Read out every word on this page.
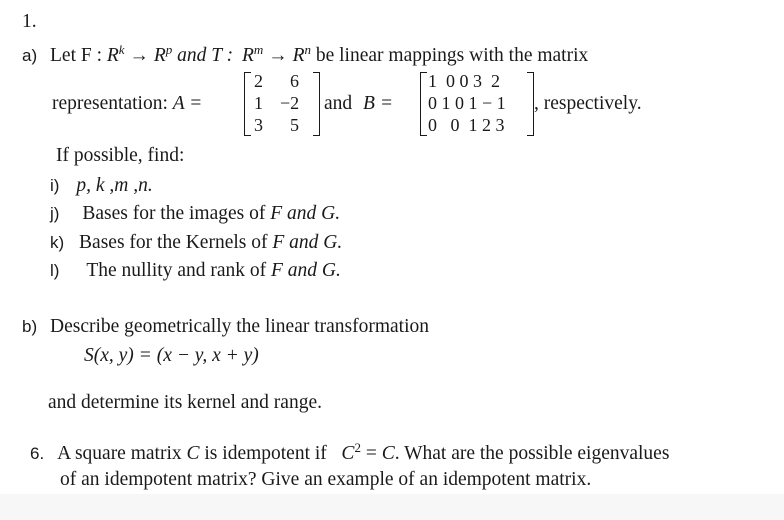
1.
a) Let F : $R^k \to R^p$ and T : $R^m \to R^n$ be linear mappings with the matrix
representation: A =
2 6
1 −2
3 5
and B =
1  0 0 3  2
0 1 0 1 − 1
0   0  1 2 3
, respectively.
If possible, find:
i) p, k ,m ,n.
j) Bases for the images of F and G.
k) Bases for the Kernels of F and G.
l) The nullity and rank of F and G.
b) Describe geometrically the linear transformation
S(x, y) = (x − y, x + y)
and determine its kernel and range.
6. A square matrix C is idempotent if   $C^2 = C$. What are the possible eigenvalues
of an idempotent matrix? Give an example of an idempotent matrix.
